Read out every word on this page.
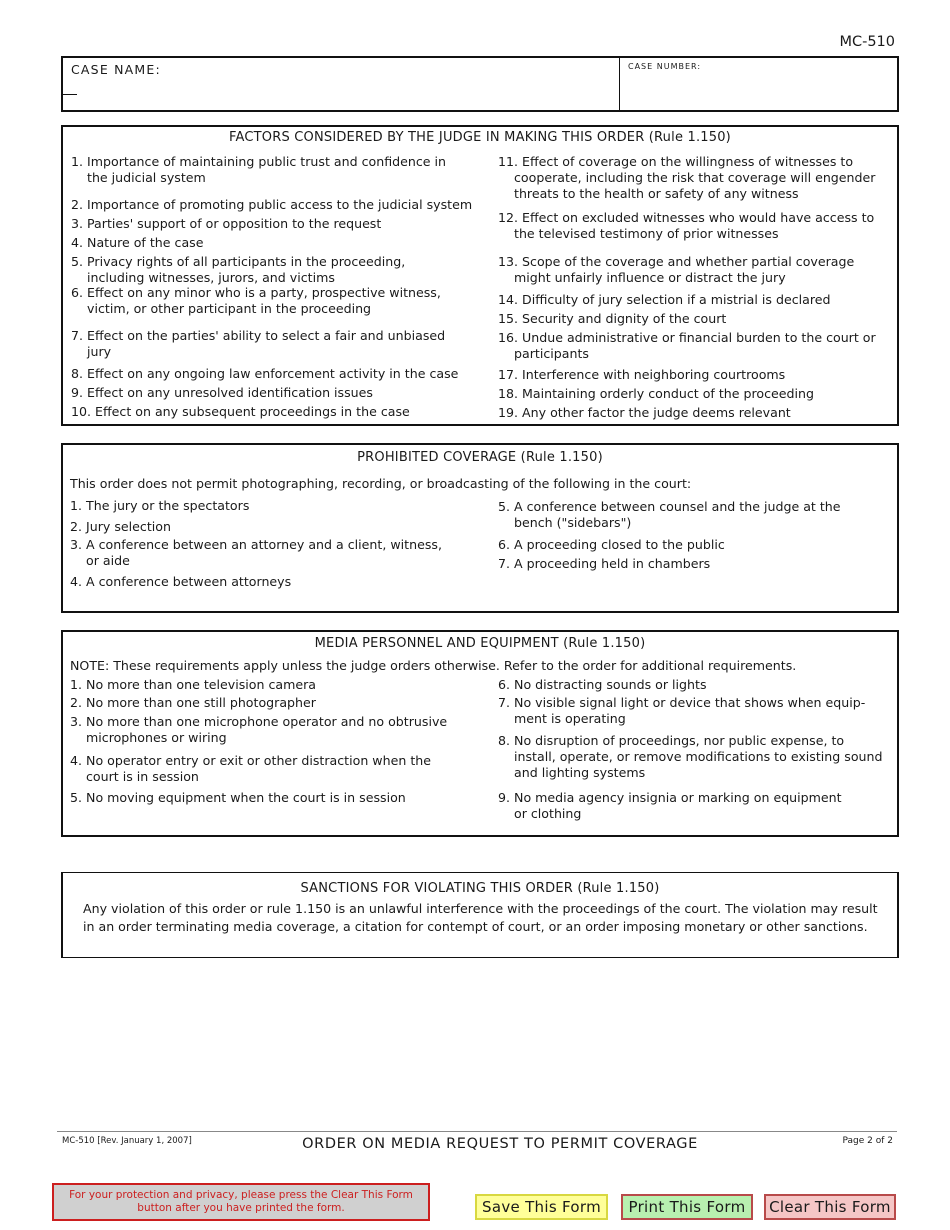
MC-510
CASE NAME:	CASE NUMBER:
FACTORS CONSIDERED BY THE JUDGE IN MAKING THIS ORDER (Rule 1.150)
1. Importance of maintaining public trust and confidence in
the judicial system
2. Importance of promoting public access to the judicial system
3. Parties' support of or opposition to the request
4. Nature of the case
5. Privacy rights of all participants in the proceeding,
including witnesses, jurors, and victims
6. Effect on any minor who is a party, prospective witness,
victim, or other participant in the proceeding
7. Effect on the parties' ability to select a fair and unbiased
jury
8. Effect on any ongoing law enforcement activity in the case
9. Effect on any unresolved identification issues
10. Effect on any subsequent proceedings in the case
11. Effect of coverage on the willingness of witnesses to
cooperate, including the risk that coverage will engender
threats to the health or safety of any witness
12. Effect on excluded witnesses who would have access to
the televised testimony of prior witnesses
13. Scope of the coverage and whether partial coverage
might unfairly influence or distract the jury
14. Difficulty of jury selection if a mistrial is declared
15. Security and dignity of the court
16. Undue administrative or financial burden to the court or
participants
17. Interference with neighboring courtrooms
18. Maintaining orderly conduct of the proceeding
19. Any other factor the judge deems relevant
PROHIBITED COVERAGE (Rule 1.150)
This order does not permit photographing, recording, or broadcasting of the following in the court:
1. The jury or the spectators
2. Jury selection
3. A conference between an attorney and a client, witness,
or aide
4. A conference between attorneys
5. A conference between counsel and the judge at the
bench ("sidebars")
6. A proceeding closed to the public
7. A proceeding held in chambers
MEDIA PERSONNEL AND EQUIPMENT (Rule 1.150)
NOTE: These requirements apply unless the judge orders otherwise. Refer to the order for additional requirements.
1. No more than one television camera
2. No more than one still photographer
3. No more than one microphone operator and no obtrusive
microphones or wiring
4. No operator entry or exit or other distraction when the
court is in session
5. No moving equipment when the court is in session
6. No distracting sounds or lights
7. No visible signal light or device that shows when equip-
ment is operating
8. No disruption of proceedings, nor public expense, to
install, operate, or remove modifications to existing sound
and lighting systems
9. No media agency insignia or marking on equipment
or clothing
SANCTIONS FOR VIOLATING THIS ORDER (Rule 1.150)
Any violation of this order or rule 1.150 is an unlawful interference with the proceedings of the court. The violation may result
in an order terminating media coverage, a citation for contempt of court, or an order imposing monetary or other sanctions.
MC-510 [Rev. January 1, 2007]	ORDER ON MEDIA REQUEST TO PERMIT COVERAGE	Page 2 of 2
For your protection and privacy, please press the Clear This Form
button after you have printed the form.	Save This Form	Print This Form	Clear This Form
